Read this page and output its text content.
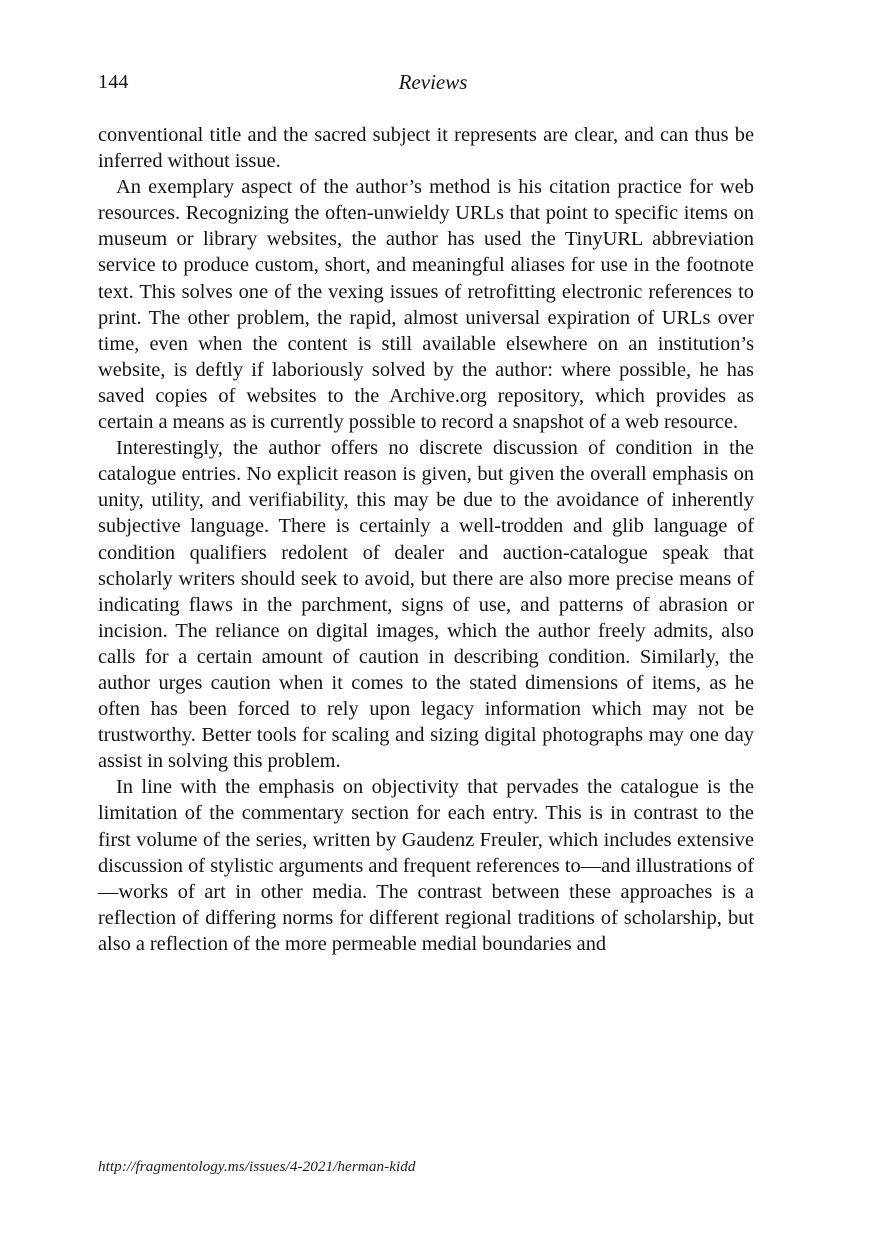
144	Reviews

conventional title and the sacred subject it represents are clear, and can thus be inferred without issue.

An exemplary aspect of the author’s method is his citation practice for web resources. Recognizing the often-unwieldy URLs that point to specific items on museum or library websites, the author has used the TinyURL abbreviation service to produce custom, short, and meaningful aliases for use in the footnote text. This solves one of the vexing issues of retrofitting electronic references to print. The other problem, the rapid, almost universal expiration of URLs over time, even when the content is still available elsewhere on an institution’s website, is deftly if laboriously solved by the author: where possible, he has saved copies of websites to the Archive.org repository, which provides as certain a means as is currently possible to record a snapshot of a web resource.

Interestingly, the author offers no discrete discussion of condition in the catalogue entries. No explicit reason is given, but given the overall emphasis on unity, utility, and verifiability, this may be due to the avoidance of inherently subjective language. There is certainly a well-trodden and glib language of condition qualifiers redolent of dealer and auction-catalogue speak that scholarly writers should seek to avoid, but there are also more precise means of indicating flaws in the parchment, signs of use, and patterns of abrasion or incision. The reliance on digital images, which the author freely admits, also calls for a certain amount of caution in describing condition. Similarly, the author urges caution when it comes to the stated dimensions of items, as he often has been forced to rely upon legacy information which may not be trustworthy. Better tools for scaling and sizing digital photographs may one day assist in solving this problem.

In line with the emphasis on objectivity that pervades the catalogue is the limitation of the commentary section for each entry. This is in contrast to the first volume of the series, written by Gaudenz Freuler, which includes extensive discussion of stylistic arguments and frequent references to—and illustrations of—works of art in other media. The contrast between these approaches is a reflection of differing norms for different regional traditions of scholarship, but also a reflection of the more permeable medial boundaries and

http://fragmentology.ms/issues/4-2021/herman-kidd
